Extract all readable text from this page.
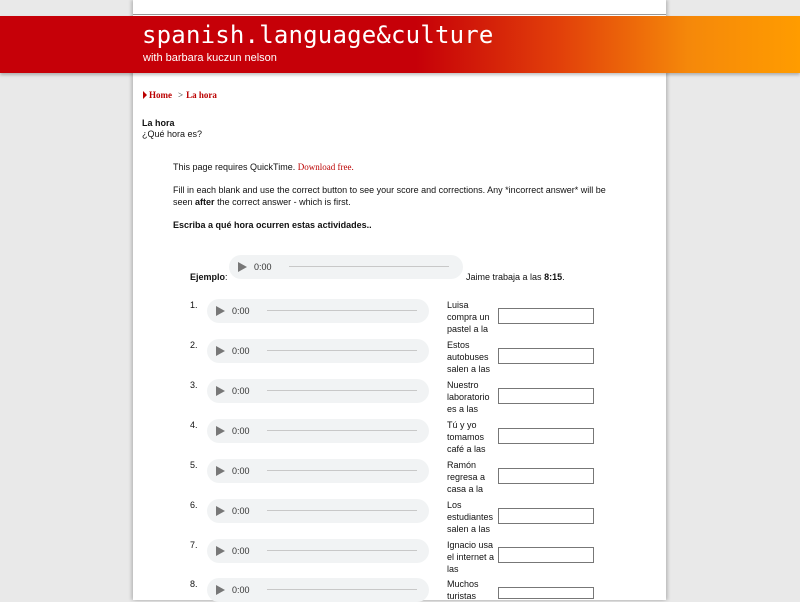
spanish.language&culture
with barbara kuczun nelson
Home > La hora
La hora
¿Qué hora es?
This page requires QuickTime. Download free.
Fill in each blank and use the correct button to see your score and corrections. Any *incorrect answer* will be seen after the correct answer - which is first.
Escriba a qué hora ocurren estas actividades..
Ejemplo:
0:00
Jaime trabaja a las 8:15.
1.
0:00
Luisa compra un pastel a la
2.
0:00
Estos autobuses salen a las
3.
0:00
Nuestro laboratorio es a las
4.
0:00
Tú y yo tomamos café a las
5.
0:00
Ramón regresa a casa a la
6.
0:00
Los estudiantes salen a las
7.
0:00
Ignacio usa el internet a las
8.
0:00
Muchos turistas
